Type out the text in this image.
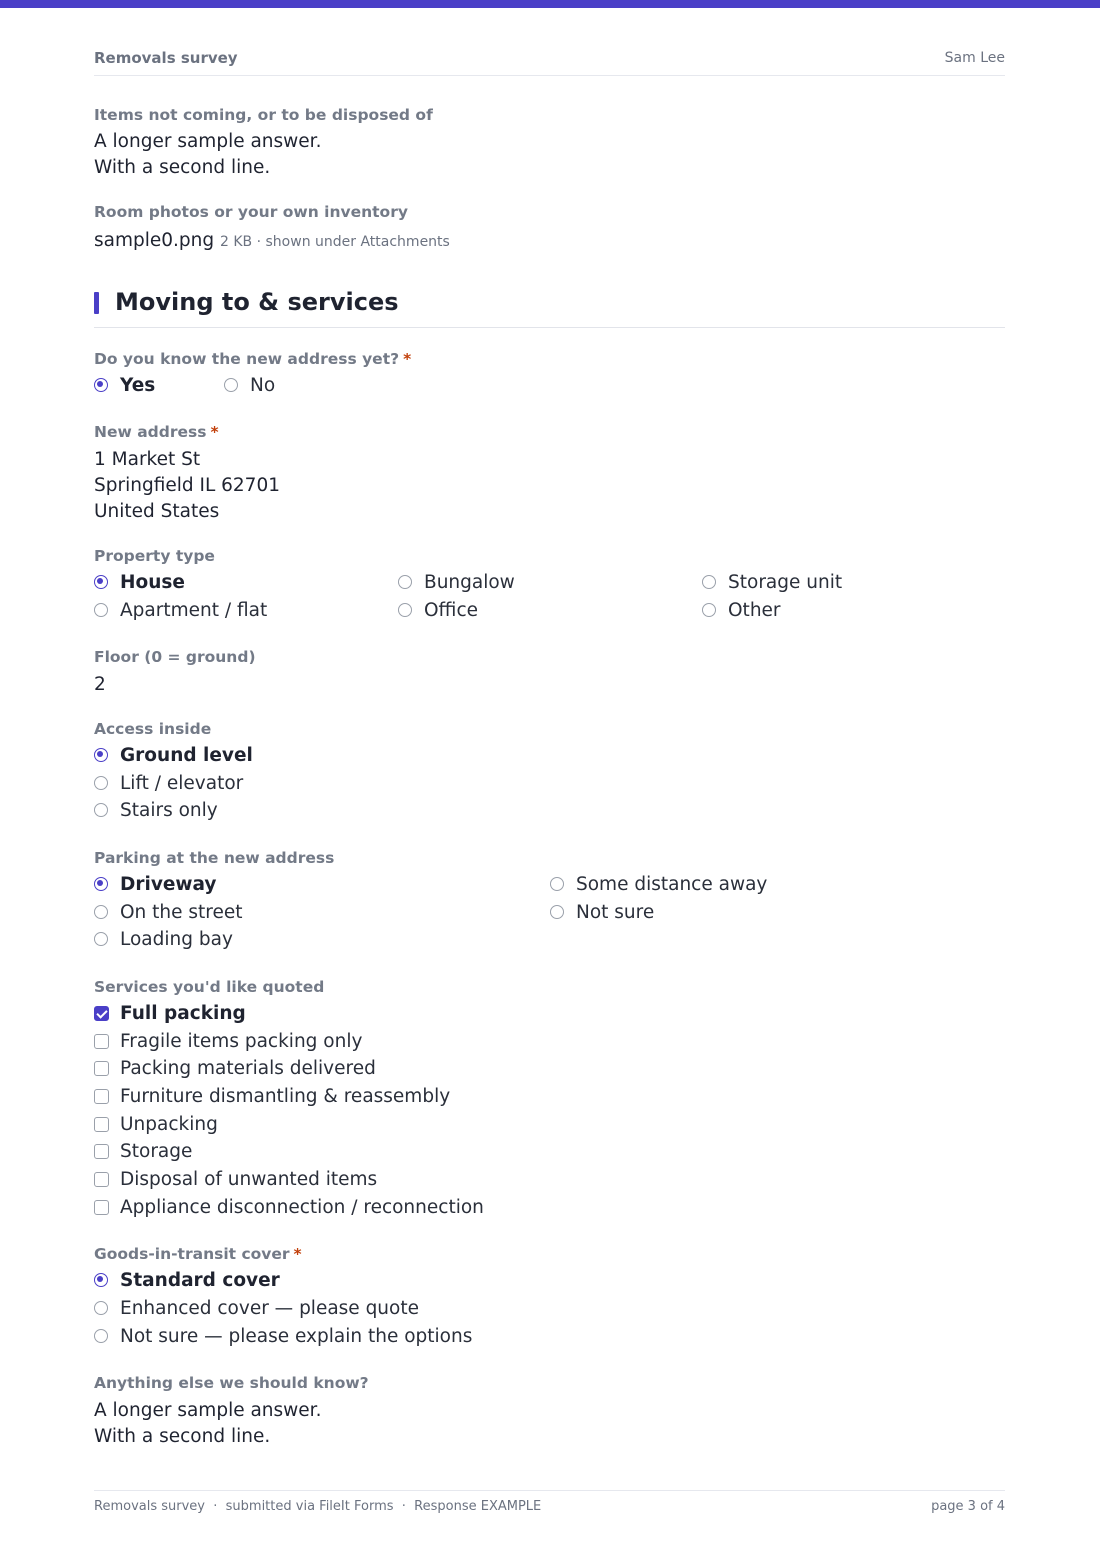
Removals survey	Sam Lee
Items not coming, or to be disposed of
A longer sample answer.
With a second line.
Room photos or your own inventory
sample0.png 2 KB · shown under Attachments
Moving to & services
Do you know the new address yet? *
Yes	No
New address *
1 Market St
Springfield IL 62701
United States
Property type
House
Apartment / flat
Bungalow
Office
Storage unit
Other
Floor (0 = ground)
2
Access inside
Ground level
Lift / elevator
Stairs only
Parking at the new address
Driveway
On the street
Loading bay
Some distance away
Not sure
Services you'd like quoted
Full packing
Fragile items packing only
Packing materials delivered
Furniture dismantling & reassembly
Unpacking
Storage
Disposal of unwanted items
Appliance disconnection / reconnection
Goods-in-transit cover *
Standard cover
Enhanced cover — please quote
Not sure — please explain the options
Anything else we should know?
A longer sample answer.
With a second line.
Removals survey  ·  submitted via FileIt Forms  ·  Response EXAMPLE	page 3 of 4
